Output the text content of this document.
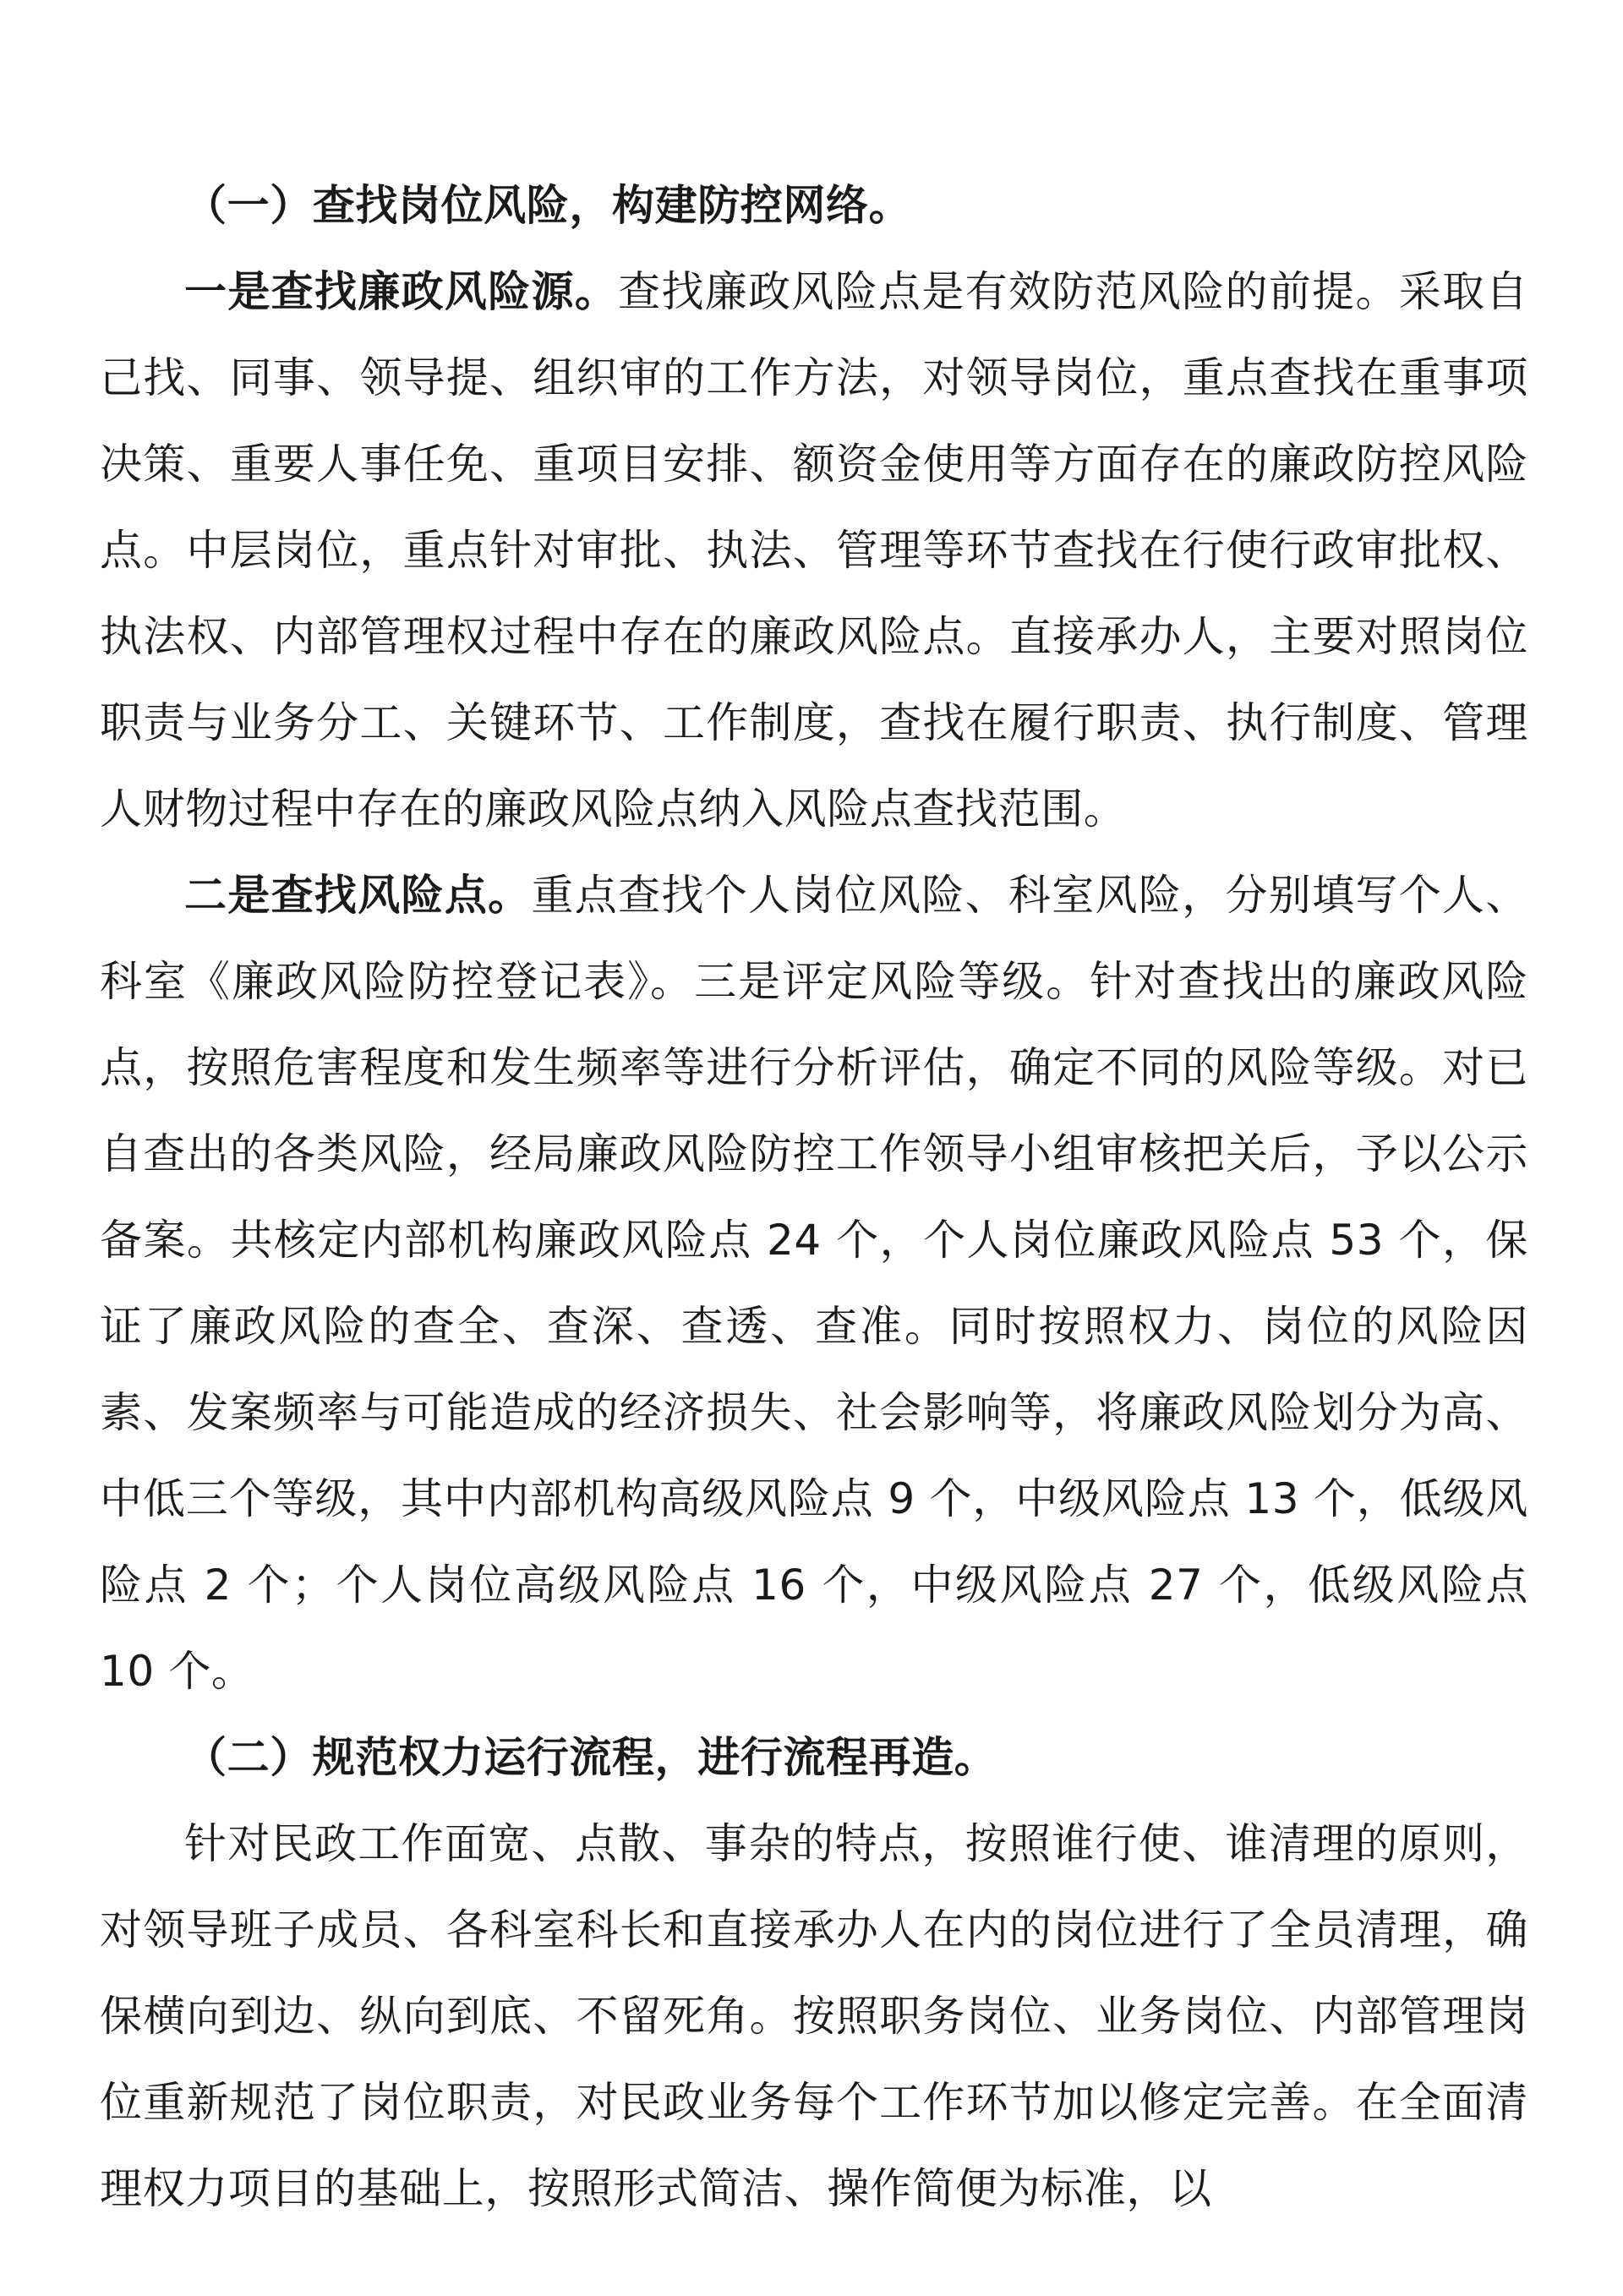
（一）查找岗位风险，构建防控网络。

一是查找廉政风险源。查找廉政风险点是有效防范风险的前提。采取自己找、同事、领导提、组织审的工作方法，对领导岗位，重点查找在重事项决策、重要人事任免、重项目安排、额资金使用等方面存在的廉政防控风险点。中层岗位，重点针对审批、执法、管理等环节查找在行使行政审批权、执法权、内部管理权过程中存在的廉政风险点。直接承办人，主要对照岗位职责与业务分工、关键环节、工作制度，查找在履行职责、执行制度、管理人财物过程中存在的廉政风险点纳入风险点查找范围。

二是查找风险点。重点查找个人岗位风险、科室风险，分别填写个人、科室《廉政风险防控登记表》。三是评定风险等级。针对查找出的廉政风险点，按照危害程度和发生频率等进行分析评估，确定不同的风险等级。对已自查出的各类风险，经局廉政风险防控工作领导小组审核把关后，予以公示备案。共核定内部机构廉政风险点 24 个，个人岗位廉政风险点 53 个，保证了廉政风险的查全、查深、查透、查准。同时按照权力、岗位的风险因素、发案频率与可能造成的经济损失、社会影响等，将廉政风险划分为高、中低三个等级，其中内部机构高级风险点 9 个，中级风险点 13 个，低级风险点 2 个；个人岗位高级风险点 16 个，中级风险点 27 个，低级风险点 10 个。

（二）规范权力运行流程，进行流程再造。

针对民政工作面宽、点散、事杂的特点，按照谁行使、谁清理的原则，对领导班子成员、各科室科长和直接承办人在内的岗位进行了全员清理，确保横向到边、纵向到底、不留死角。按照职务岗位、业务岗位、内部管理岗位重新规范了岗位职责，对民政业务每个工作环节加以修定完善。在全面清理权力项目的基础上，按照形式简洁、操作简便为标准，以
